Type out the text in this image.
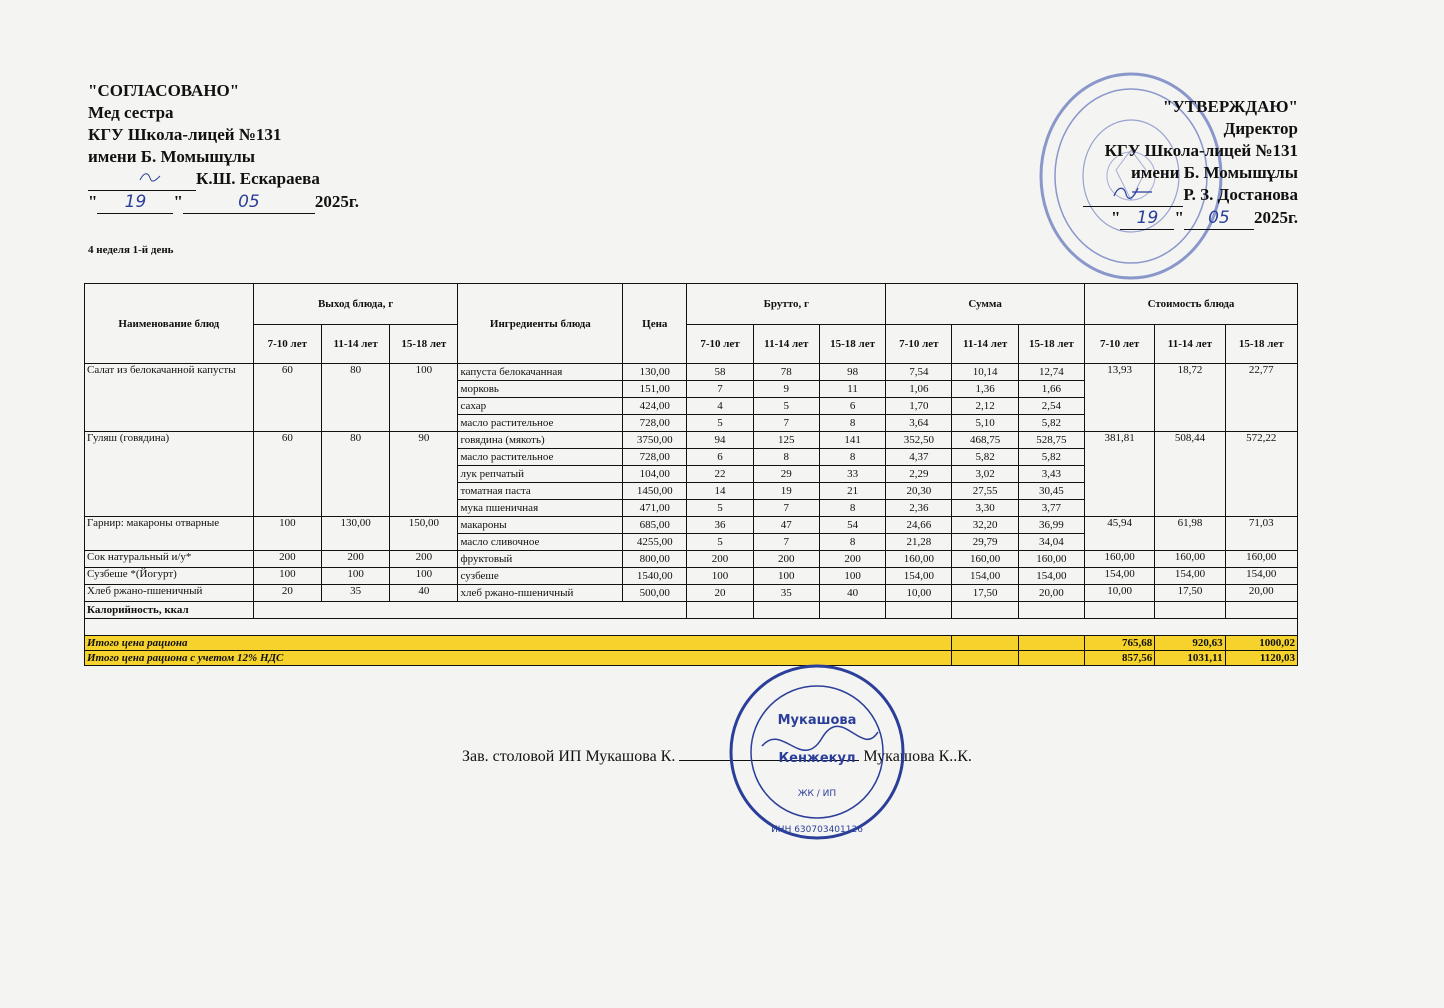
"СОГЛАСОВАНО"
Мед сестра
КГУ Школа-лицей №131
имени Б. Момышұлы
К.Ш. Ескараева
" 19 "	05	2025г.
"УТВЕРЖДАЮ"
Директор
КГУ Школа-лицей №131
имени Б. Момышұлы
Р. З. Достанова
" 19 " 05 2025г.
4 неделя 1-й день
Наименование блюд	Выход блюда, г			Ингредиенты блюда	Цена	Брутто, г			Сумма			Стоимость блюда		
	7-10 лет	11-14 лет	15-18 лет			7-10 лет	11-14 лет	15-18 лет	7-10 лет	11-14 лет	15-18 лет	7-10 лет	11-14 лет	15-18 лет
Салат из белокачанной капусты	60	80	100	капуста белокачанная	130,00	58	78	98	7,54	10,14	12,74	13,93	18,72	22,77
				морковь	151,00	7	9	11	1,06	1,36	1,66			
				сахар	424,00	4	5	6	1,70	2,12	2,54			
				масло растительное	728,00	5	7	8	3,64	5,10	5,82			
Гуляш (говядина)	60	80	90	говядина (мякоть)	3750,00	94	125	141	352,50	468,75	528,75	381,81	508,44	572,22
				масло растительное	728,00	6	8	8	4,37	5,82	5,82			
				лук репчатый	104,00	22	29	33	2,29	3,02	3,43			
				томатная паста	1450,00	14	19	21	20,30	27,55	30,45			
				мука пшеничная	471,00	5	7	8	2,36	3,30	3,77			
Гарнир: макароны отварные	100	130,00	150,00	макароны	685,00	36	47	54	24,66	32,20	36,99	45,94	61,98	71,03
				масло сливочное	4255,00	5	7	8	21,28	29,79	34,04			
Сок натуральный и/у*	200	200	200	фруктовый	800,00	200	200	200	160,00	160,00	160,00	160,00	160,00	160,00
Сузбеше *(Йогурт)	100	100	100	сузбеше	1540,00	100	100	100	154,00	154,00	154,00	154,00	154,00	154,00
Хлеб ржано-пшеничный	20	35	40	хлеб ржано-пшеничный	500,00	20	35	40	10,00	17,50	20,00	10,00	17,50	20,00
Калорийность, ккал														

Итого цена рациона												765,68	920,63	1000,02
Итого цена рациона с учетом 12% НДС												857,56	1031,11	1120,03
Зав. столовой ИП Мукашова К.	Мукашова К..К.
Мукашова
Кенжекул
ЖК / ИП
ИНН 630703401126
